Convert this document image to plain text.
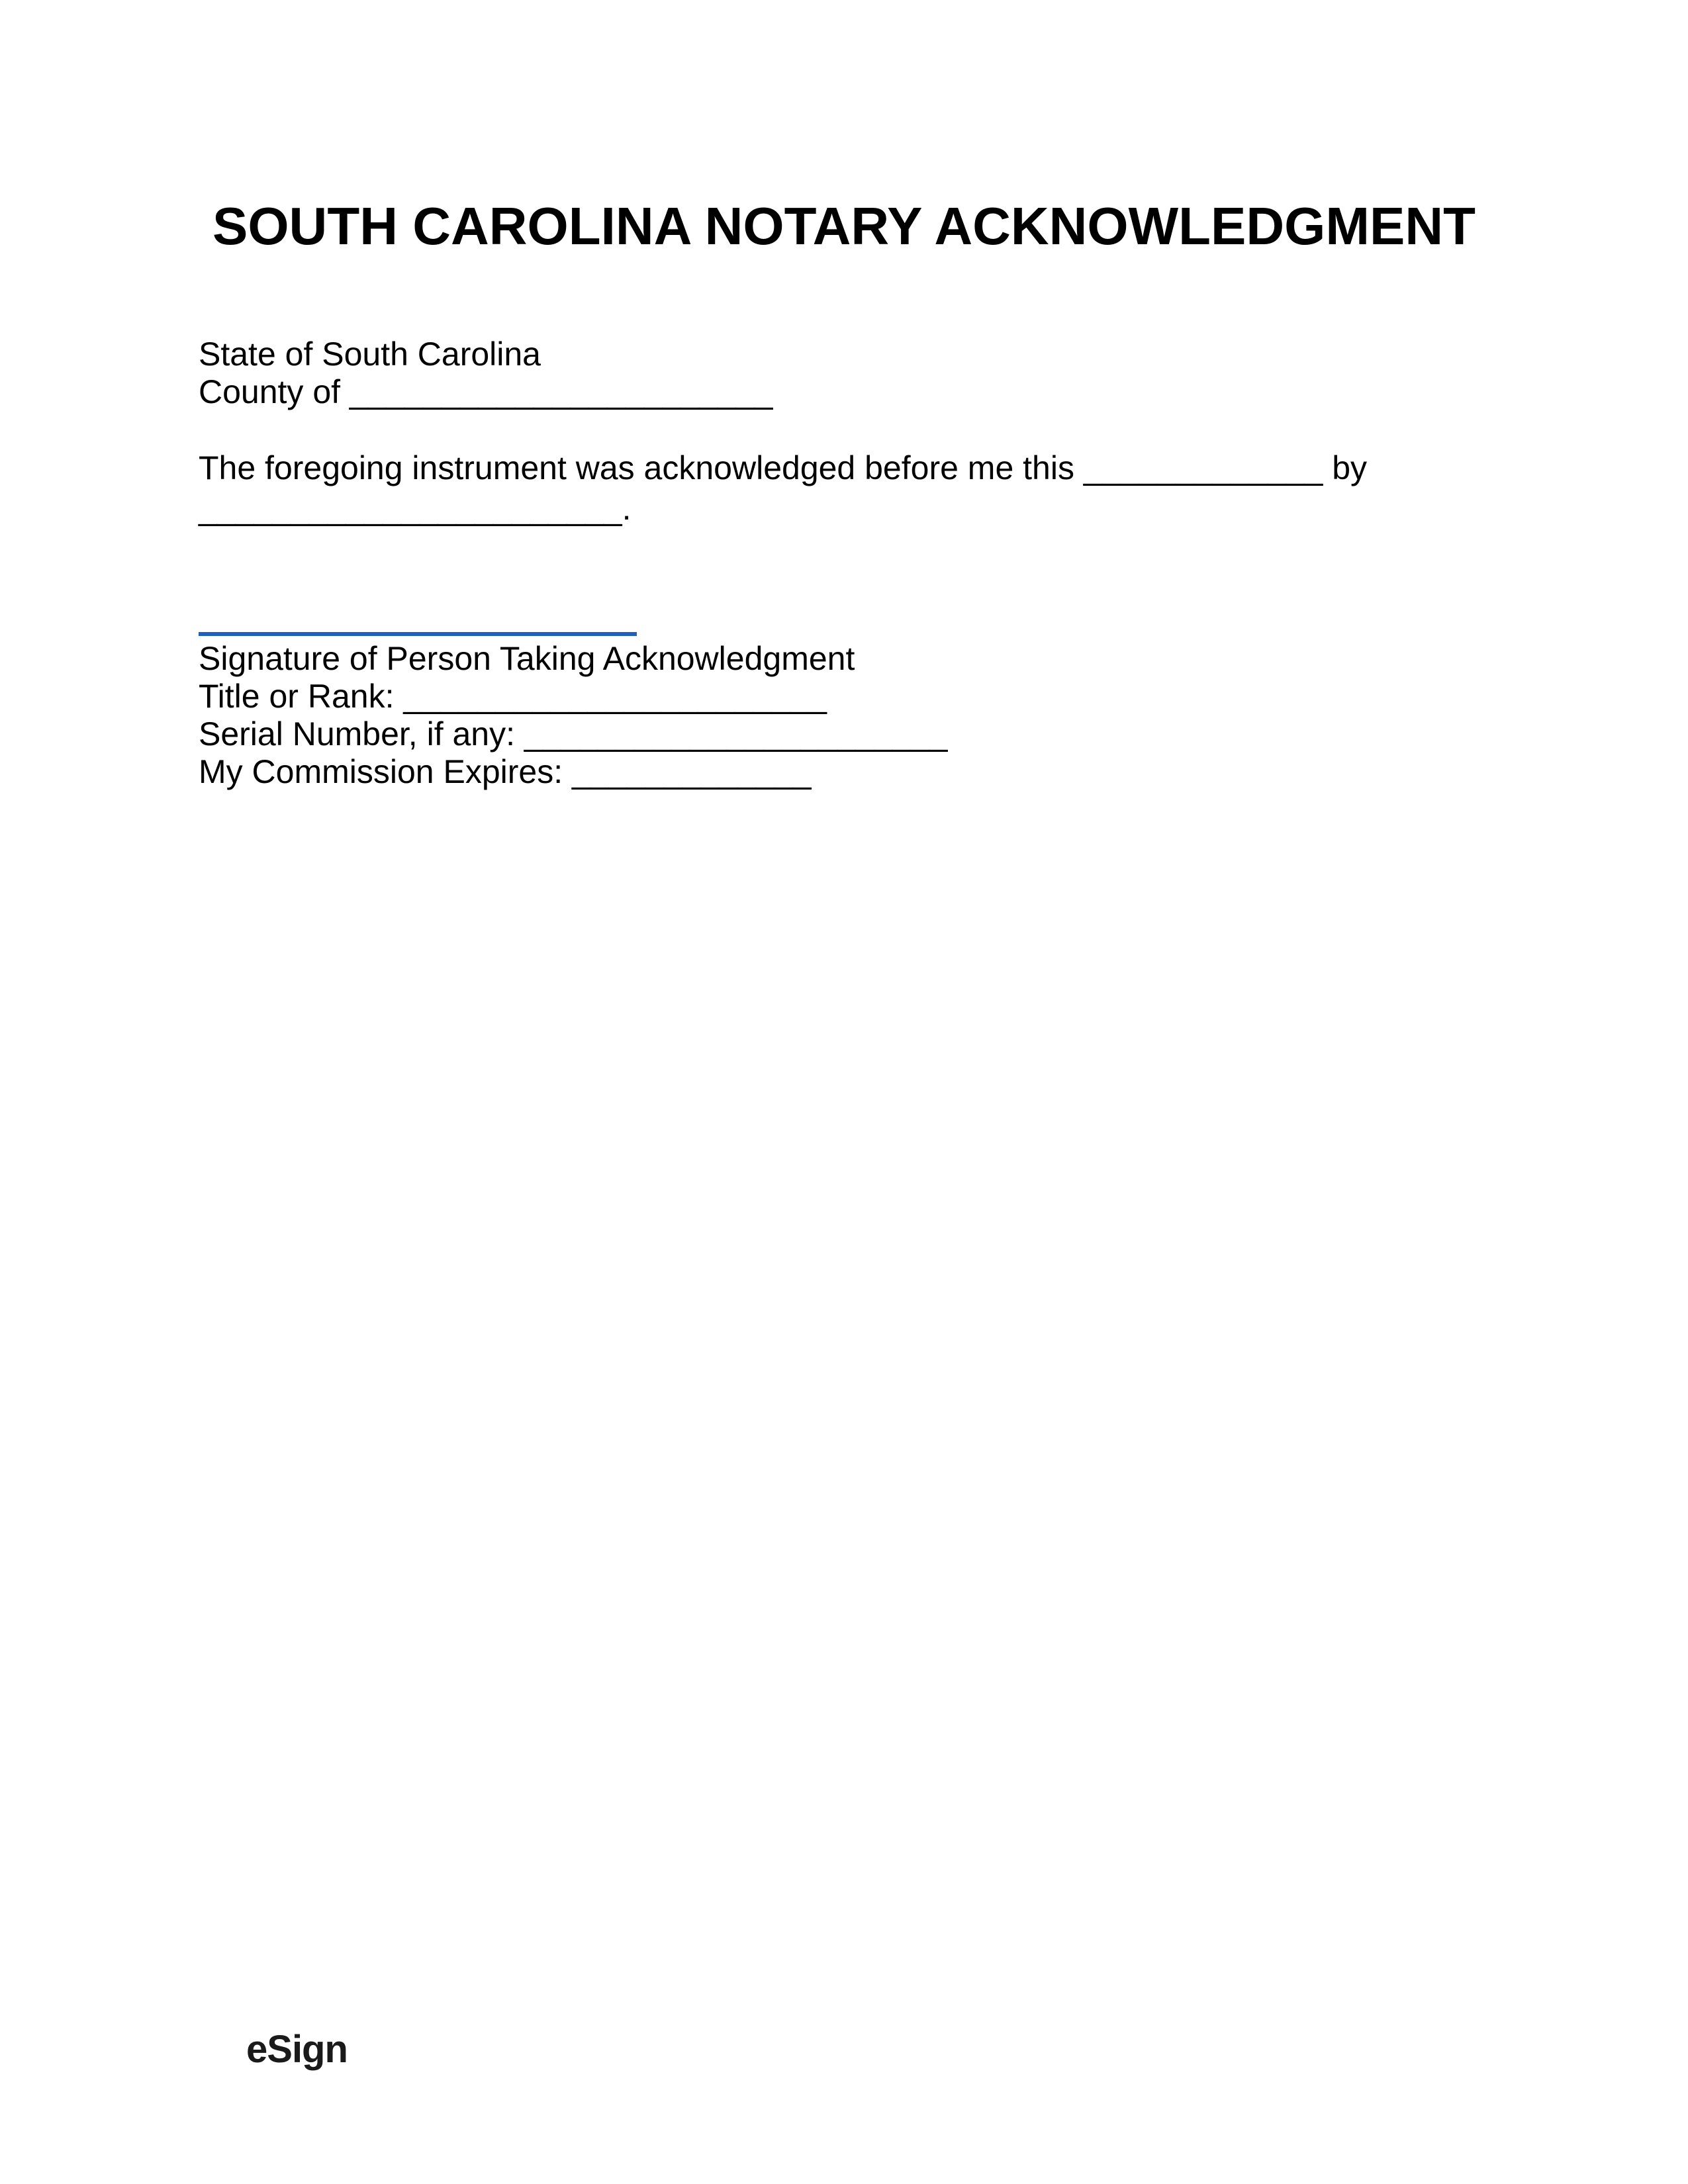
SOUTH CAROLINA NOTARY ACKNOWLEDGMENT
State of South Carolina
County of _______________________
The foregoing instrument was acknowledged before me this _____________ by
_______________________.
Signature of Person Taking Acknowledgment
Title or Rank: _______________________
Serial Number, if any: _______________________
My Commission Expires: _____________
eSign
